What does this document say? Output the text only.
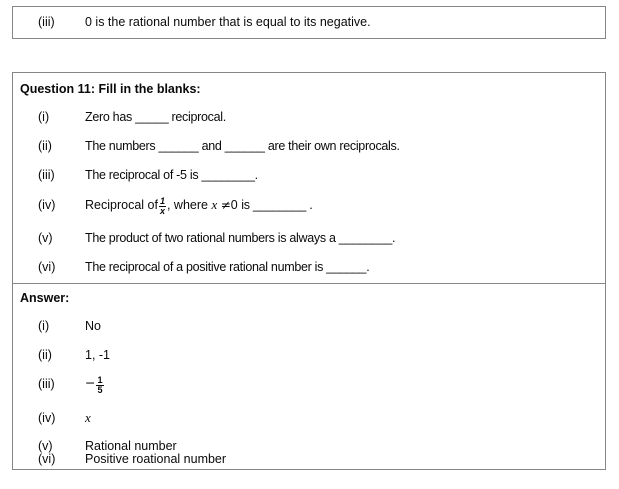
(iii)	0 is the rational number that is equal to its negative.
Question 11: Fill in the blanks:
(i)	Zero has _____ reciprocal.
(ii)	The numbers ______ and ______ are their own reciprocals.
(iii)	The reciprocal of -5 is ________.
(iv)	Reciprocal of $\frac{1}{x}$ , where x ≠0 is ________ .
(v)	The product of two rational numbers is always a ________.
(vi)	The reciprocal of a positive rational number is ______.
Answer:
(i)	No
(ii)	1, -1
(iii)	− $\frac{1}{5}$
(iv)	x
(v)	Rational number
(vi)	Positive roational number
